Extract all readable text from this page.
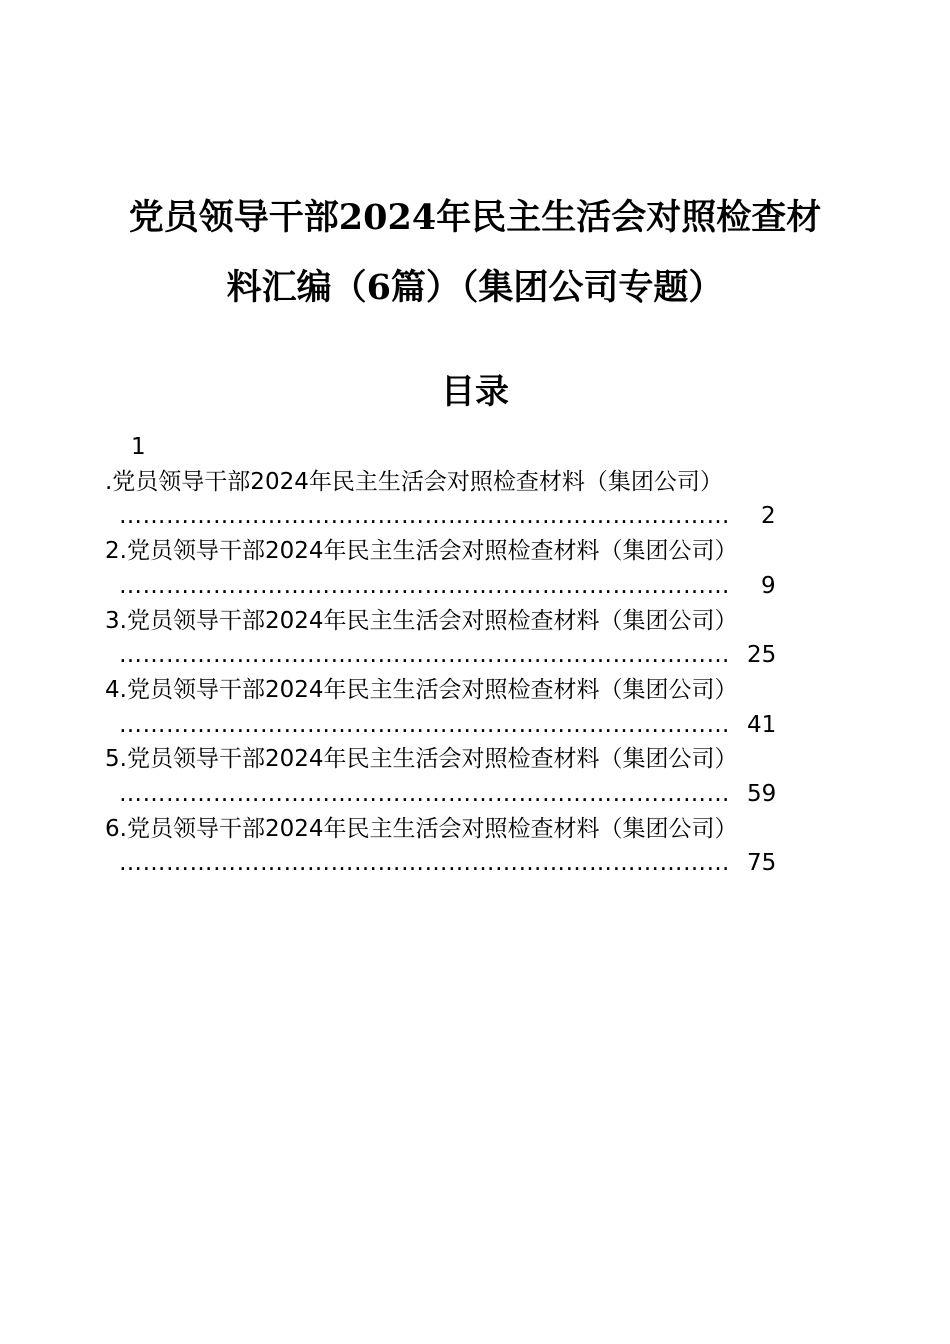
党员领导干部2024年民主生活会对照检查材
料汇编（6篇）（集团公司专题）
目录
1
.党员领导干部2024年民主生活会对照检查材料（集团公司）
…………………………………………………………………… 2
2.党员领导干部2024年民主生活会对照检查材料（集团公司）
…………………………………………………………………… 9
3.党员领导干部2024年民主生活会对照检查材料（集团公司）
…………………………………………………………………… 25
4.党员领导干部2024年民主生活会对照检查材料（集团公司）
…………………………………………………………………… 41
5.党员领导干部2024年民主生活会对照检查材料（集团公司）
…………………………………………………………………… 59
6.党员领导干部2024年民主生活会对照检查材料（集团公司）
…………………………………………………………………… 75
